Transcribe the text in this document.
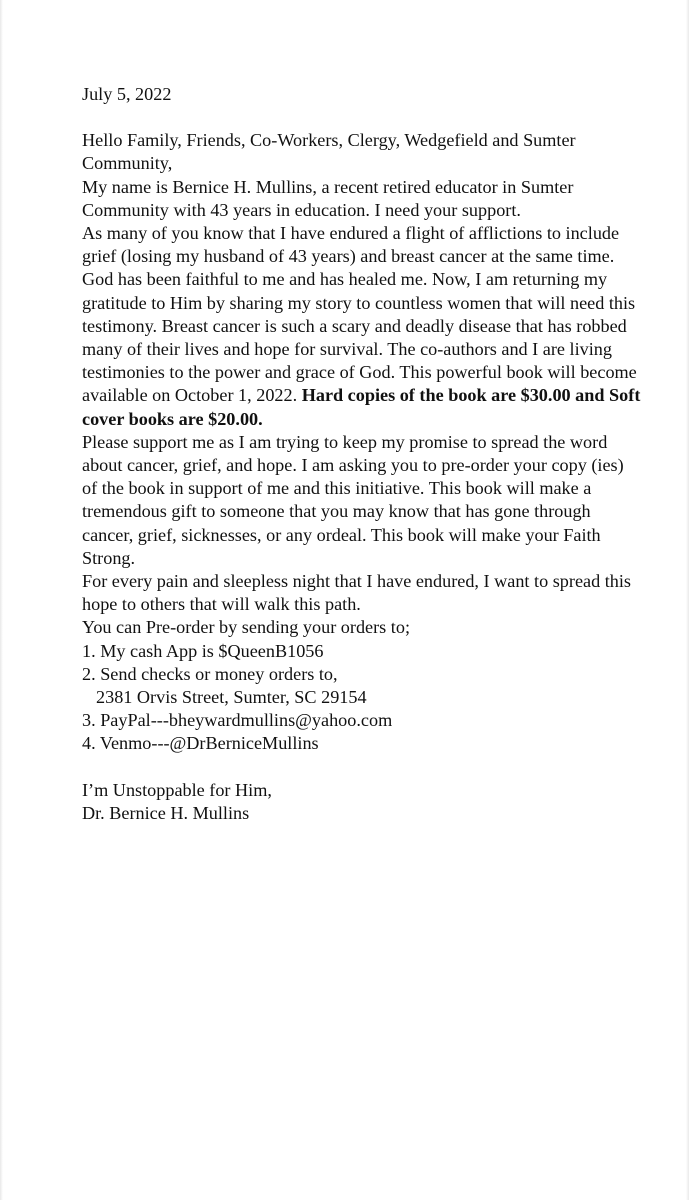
July 5, 2022

Hello Family, Friends, Co-Workers, Clergy, Wedgefield and Sumter Community,

My name is Bernice H. Mullins, a recent retired educator in Sumter Community with 43 years in education. I need your support.

As many of you know that I have endured a flight of afflictions to include grief (losing my husband of 43 years) and breast cancer at the same time. God has been faithful to me and has healed me. Now, I am returning my gratitude to Him by sharing my story to countless women that will need this testimony. Breast cancer is such a scary and deadly disease that has robbed many of their lives and hope for survival. The co-authors and I are living testimonies to the power and grace of God. This powerful book will become available on October 1, 2022. Hard copies of the book are $30.00 and Soft cover books are $20.00.

Please support me as I am trying to keep my promise to spread the word about cancer, grief, and hope. I am asking you to pre-order your copy (ies) of the book in support of me and this initiative. This book will make a tremendous gift to someone that you may know that has gone through cancer, grief, sicknesses, or any ordeal. This book will make your Faith Strong.

For every pain and sleepless night that I have endured, I want to spread this hope to others that will walk this path.

You can Pre-order by sending your orders to;

1. My cash App is $QueenB1056

2. Send checks or money orders to,

2381 Orvis Street, Sumter, SC 29154

3. PayPal---bheywardmullins@yahoo.com

4. Venmo---@DrBerniceMullins

I’m Unstoppable for Him,

Dr. Bernice H. Mullins
